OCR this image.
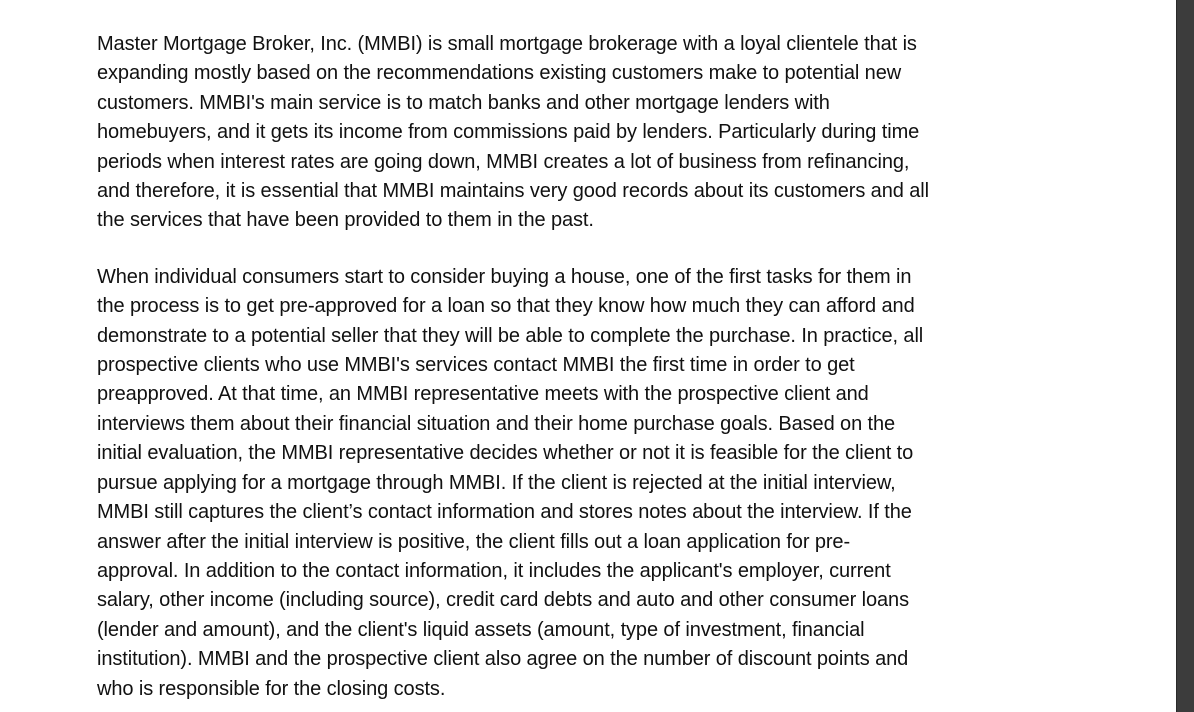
Master Mortgage Broker, Inc. (MMBI) is small mortgage brokerage with a loyal clientele that is
expanding mostly based on the recommendations existing customers make to potential new
customers. MMBI's main service is to match banks and other mortgage lenders with
homebuyers, and it gets its income from commissions paid by lenders. Particularly during time
periods when interest rates are going down, MMBI creates a lot of business from refinancing,
and therefore, it is essential that MMBI maintains very good records about its customers and all
the services that have been provided to them in the past.

When individual consumers start to consider buying a house, one of the first tasks for them in
the process is to get pre-approved for a loan so that they know how much they can afford and
demonstrate to a potential seller that they will be able to complete the purchase. In practice, all
prospective clients who use MMBI's services contact MMBI the first time in order to get
preapproved. At that time, an MMBI representative meets with the prospective client and
interviews them about their financial situation and their home purchase goals. Based on the
initial evaluation, the MMBI representative decides whether or not it is feasible for the client to
pursue applying for a mortgage through MMBI. If the client is rejected at the initial interview,
MMBI still captures the client’s contact information and stores notes about the interview. If the
answer after the initial interview is positive, the client fills out a loan application for pre-
approval. In addition to the contact information, it includes the applicant's employer, current
salary, other income (including source), credit card debts and auto and other consumer loans
(lender and amount), and the client's liquid assets (amount, type of investment, financial
institution). MMBI and the prospective client also agree on the number of discount points and
who is responsible for the closing costs.
